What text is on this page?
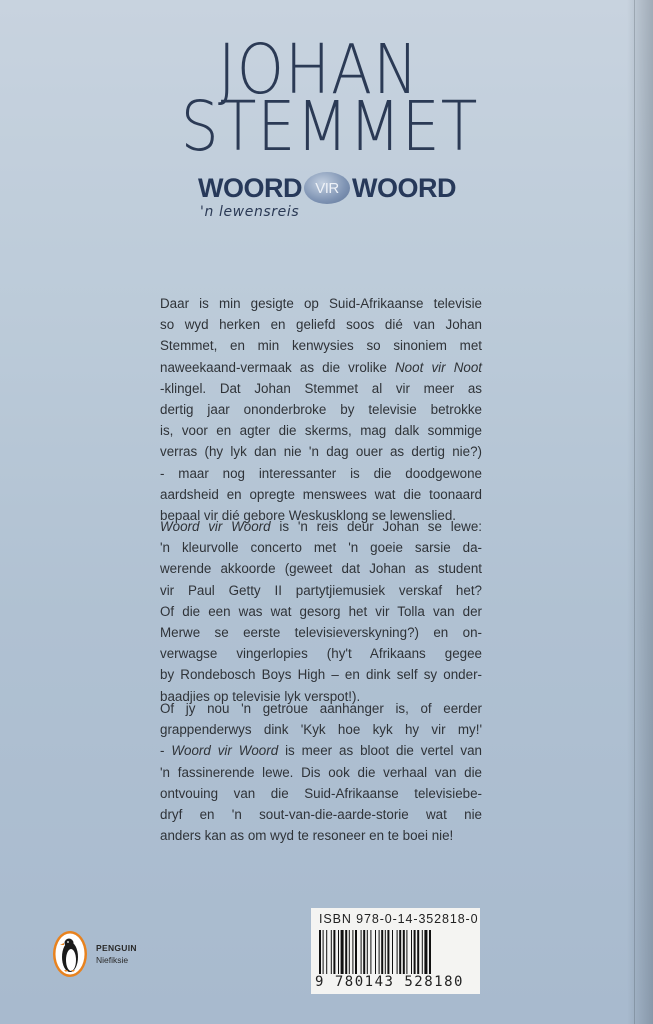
JOHAN
STEMMET
WOORD VIR WOORD
'n lewensreis
Daar is min gesigte op Suid-Afrikaanse televisie
so wyd herken en geliefd soos dié van Johan
Stemmet, en min kenwysies so sinoniem met
naweekaand-vermaak as die vrolike Noot vir Noot
-klingel. Dat Johan Stemmet al vir meer as
dertig jaar ononderbroke by televisie betrokke
is, voor en agter die skerms, mag dalk sommige
verras (hy lyk dan nie 'n dag ouer as dertig nie?)
- maar nog interessanter is die doodgewone
aardsheid en opregte menswees wat die toonaard
bepaal vir dié gebore Weskusklong se lewenslied.
Woord vir Woord is 'n reis deur Johan se lewe:
'n kleurvolle concerto met 'n goeie sarsie da-
werende akkoorde (geweet dat Johan as student
vir Paul Getty II partytjiemusiek verskaf het?
Of die een was wat gesorg het vir Tolla van der
Merwe se eerste televisieverskyning?) en on-
verwagse vingerlopies (hy't Afrikaans gegee
by Rondebosch Boys High – en dink self sy onder-
baadjies op televisie lyk verspot!).
Of jy nou 'n getroue aanhanger is, of eerder
grappenderwys dink 'Kyk hoe kyk hy vir my!'
- Woord vir Woord is meer as bloot die vertel van
'n fassinerende lewe. Dis ook die verhaal van die
ontvouing van die Suid-Afrikaanse televisiebe-
dryf en 'n sout-van-die-aarde-storie wat nie
anders kan as om wyd te resoneer en te boei nie!
PENGUIN
Niefiksie
ISBN 978-0-14-352818-0
9 780143 528180
